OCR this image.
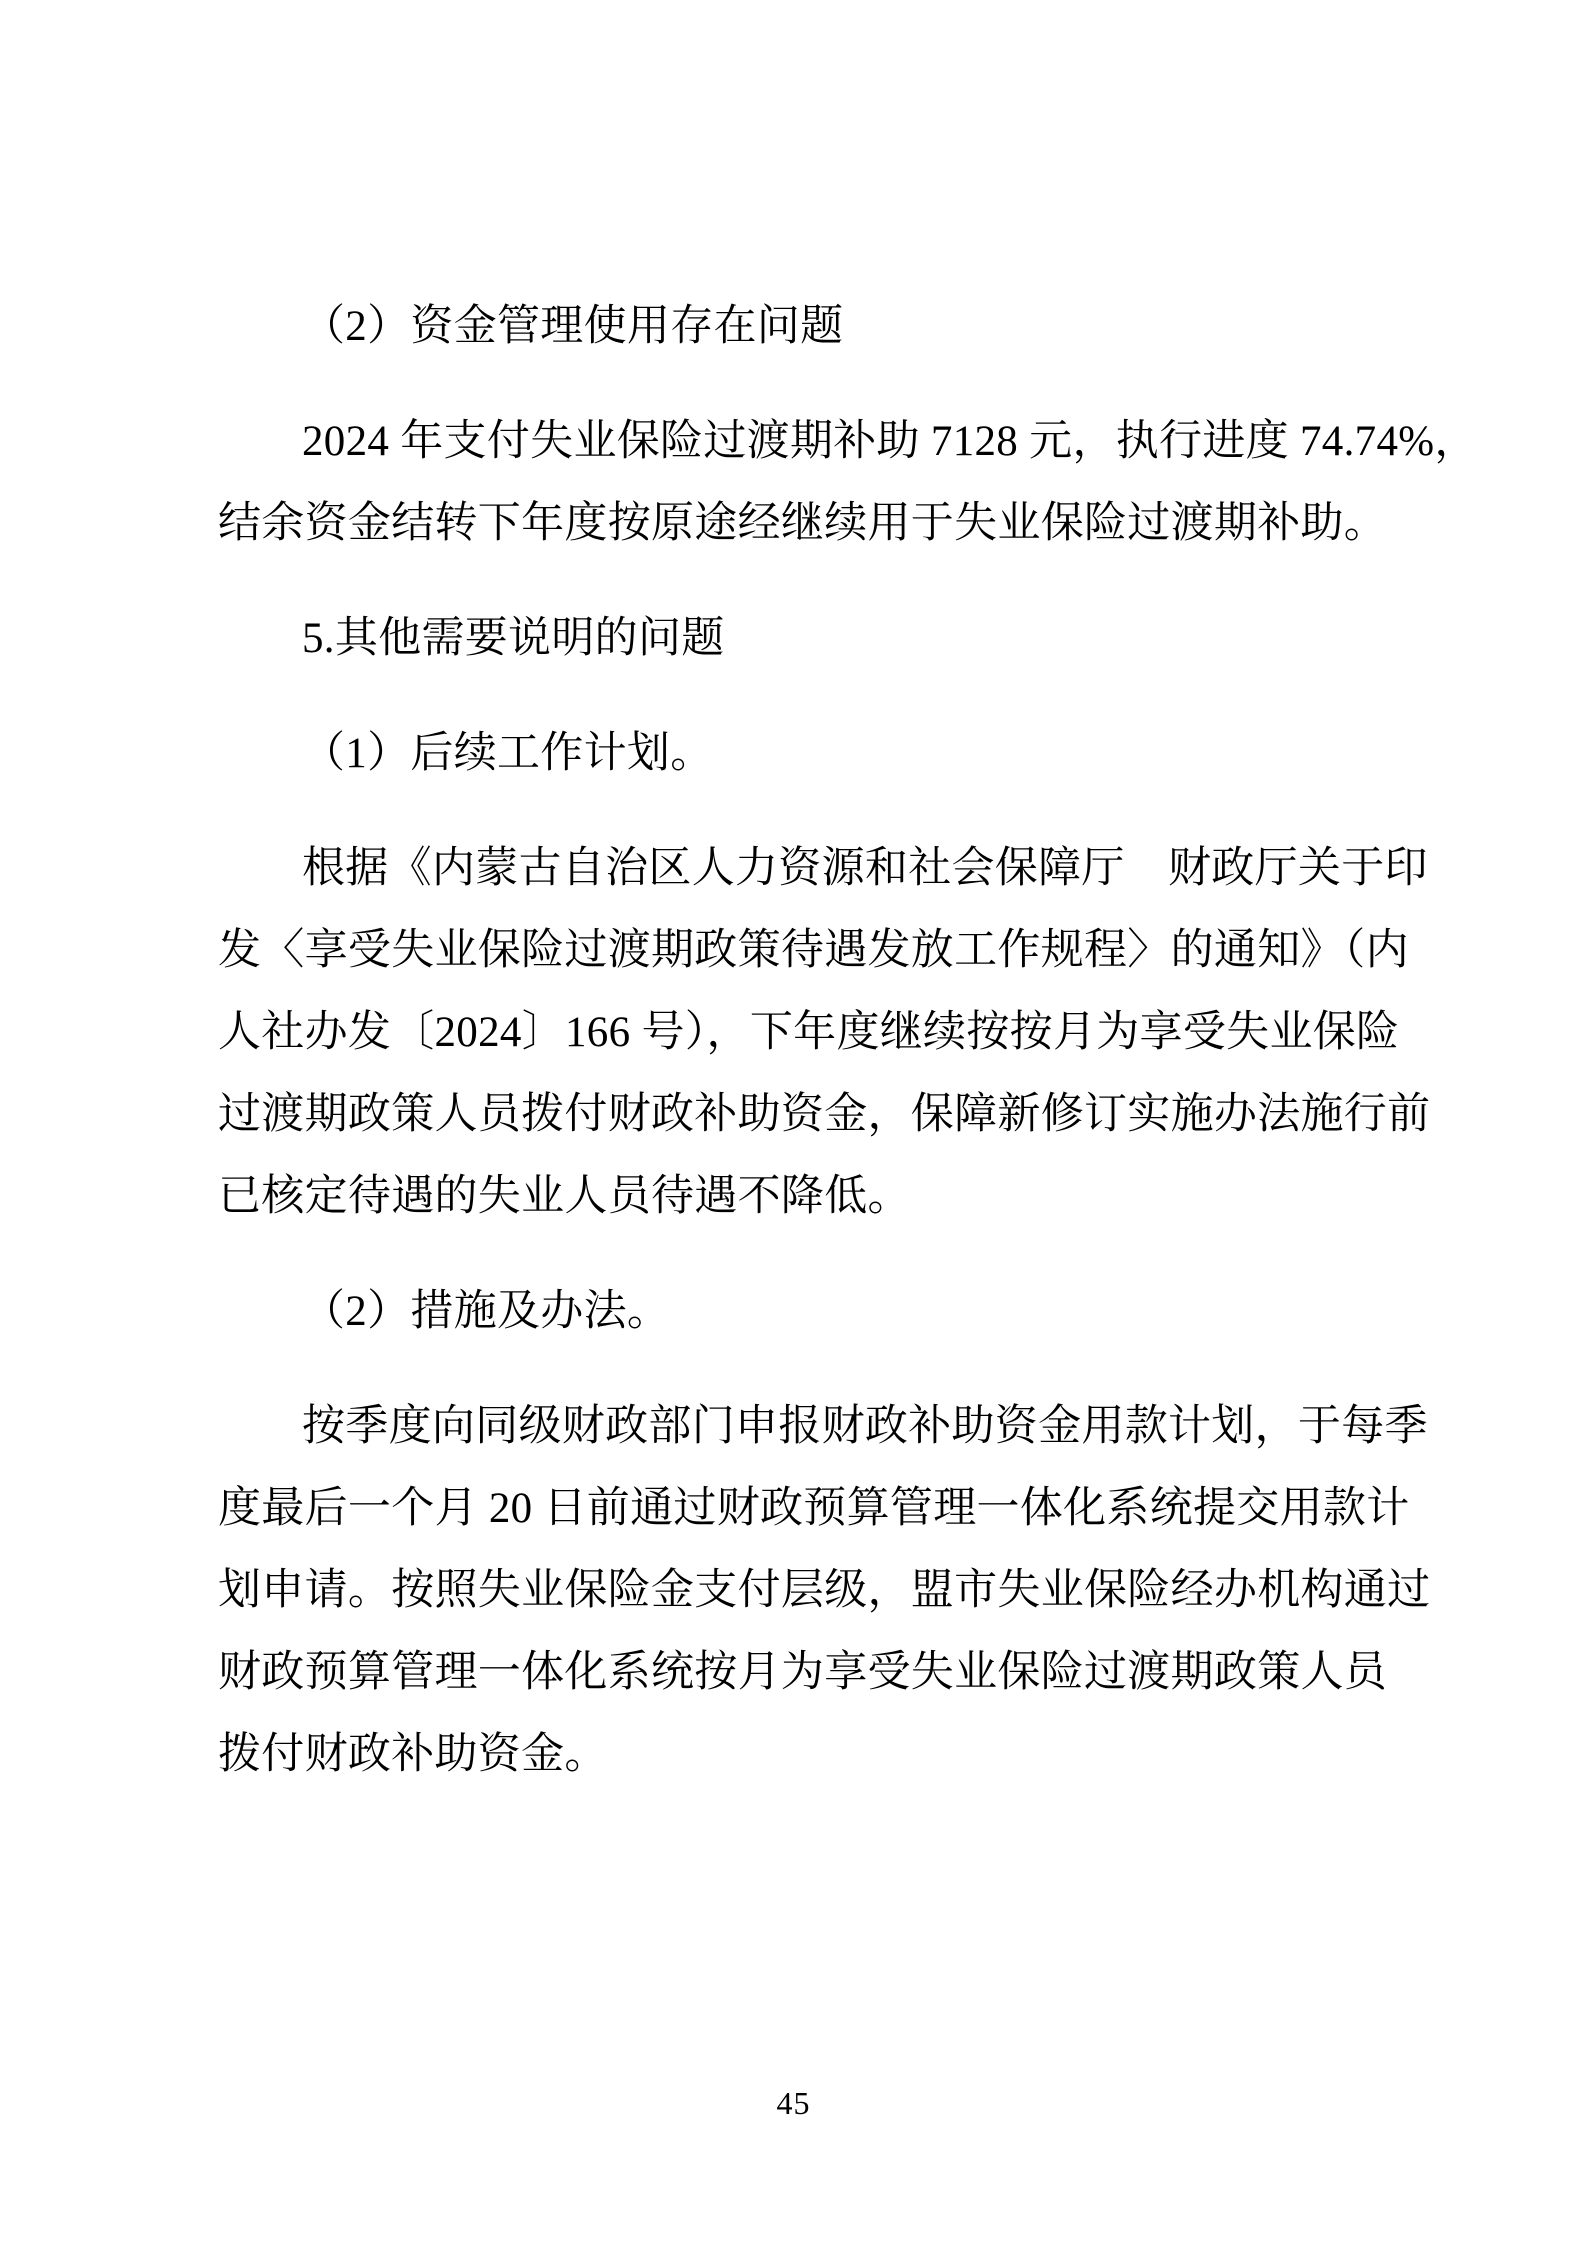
（2）资金管理使用存在问题
2024 年支付失业保险过渡期补助 7128 元，执行进度 74.74%，
结余资金结转下年度按原途经继续用于失业保险过渡期补助。
5.其他需要说明的问题
（1）后续工作计划。
根据《内蒙古自治区人力资源和社会保障厅　财政厅关于印
发〈享受失业保险过渡期政策待遇发放工作规程〉的通知》（内
人社办发〔2024〕166 号），下年度继续按按月为享受失业保险
过渡期政策人员拨付财政补助资金，保障新修订实施办法施行前
已核定待遇的失业人员待遇不降低。
（2）措施及办法。
按季度向同级财政部门申报财政补助资金用款计划，于每季
度最后一个月 20 日前通过财政预算管理一体化系统提交用款计
划申请。按照失业保险金支付层级，盟市失业保险经办机构通过
财政预算管理一体化系统按月为享受失业保险过渡期政策人员
拨付财政补助资金。
45
